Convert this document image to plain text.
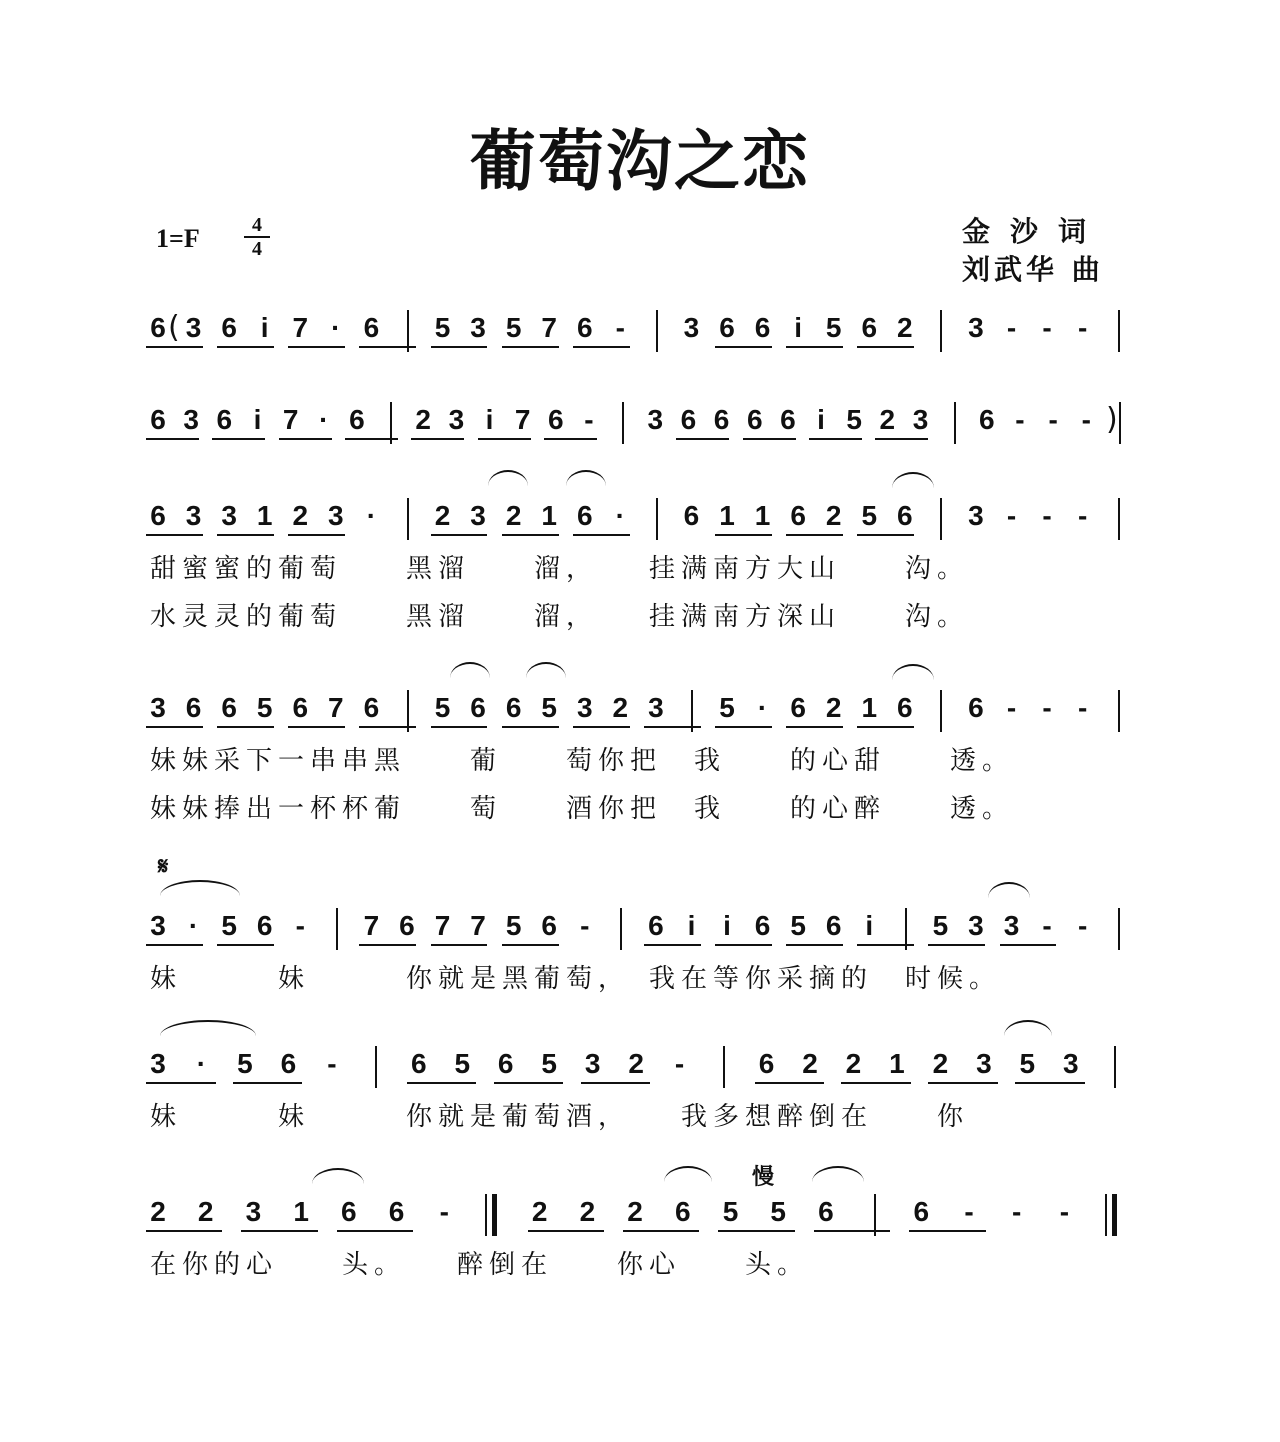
葡萄沟之恋
1=F	4
4
金沙词
刘武华 曲
6 3 6 i 7 · 6 5 3 5 7 6 - 3 6 6 i 5 6 2 3 - - -
6 3 6 i 7 · 6 2 3 i 7 6 - 3 6 6 6 6 i 5 2 3 6 - - -
6 3 3 1 2 3 · 2 3 2 1 6 · 6 1 1 6 2 5 6 3 - - -
甜蜜蜜的葡萄　　黑溜　　溜，　　挂满南方大山　　沟。
水灵灵的葡萄　　黑溜　　溜，　　挂满南方深山　　沟。
3 6 6 5 6 7 6 5 6 6 5 3 2 3 5 · 6 2 1 6 6 - - -
妹妹采下一串串黑　　葡　　萄你把　我　　的心甜　　透。
妹妹捧出一杯杯葡　　萄　　酒你把　我　　的心醉　　透。
3 · 5 6 - 7 6 7 7 5 6 - 6 i i 6 5 6 i 5 3 3 - -
妹　　　妹　　　你就是黑葡萄，　我在等你采摘的　时候。
3 · 5 6 -	6 5 6 5 3 2 -	6 2 2 1 2 3 5 3
妹　　　妹　　　你就是葡萄酒，　　我多想醉倒在　　你
2 2 3 1 6 6 -	2 2 2 6 5 5 6	6 - - -
在你的心　　头。　　醉倒在　　你心　　头。
(
)
𝄋
慢
